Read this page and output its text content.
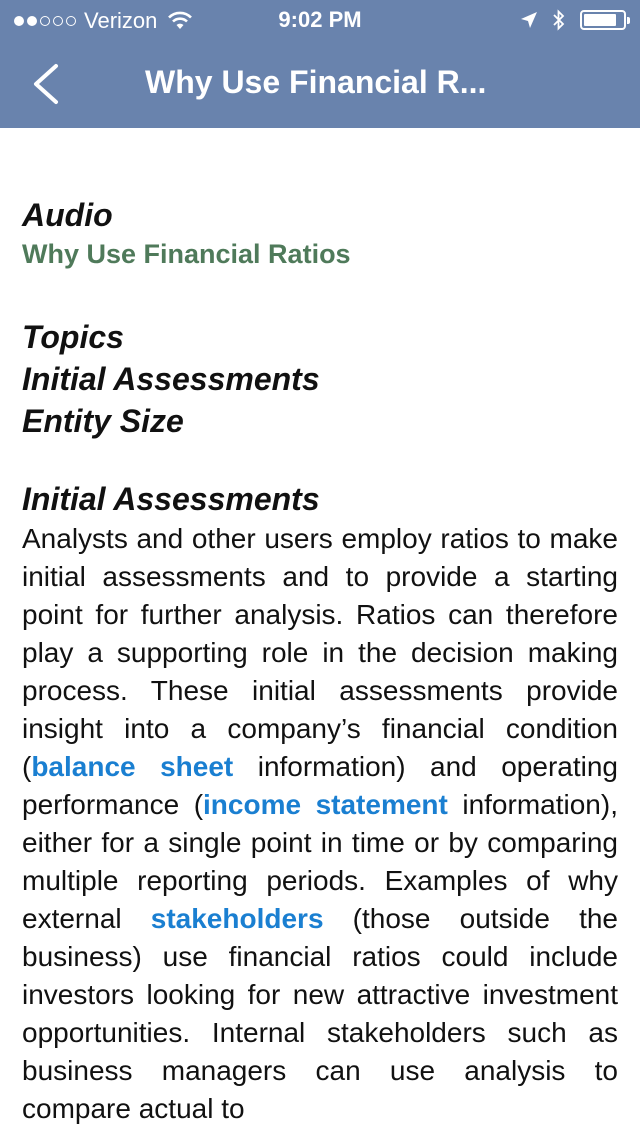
Verizon	9:02 PM
Why Use Financial R...
Audio
Why Use Financial Ratios
Topics
Initial Assessments
Entity Size
Initial Assessments

Analysts and other users employ ratios to make initial assessments and to provide a starting point for further analysis. Ratios can therefore play a supporting role in the decision making process. These initial assessments provide insight into a company’s financial condition (balance sheet information) and operating performance (income statement information), either for a single point in time or by comparing multiple reporting periods. Examples of why external stakeholders (those outside the business) use financial ratios could include investors looking for new attractive investment opportunities. Internal stakeholders such as business managers can use analysis to compare actual to
